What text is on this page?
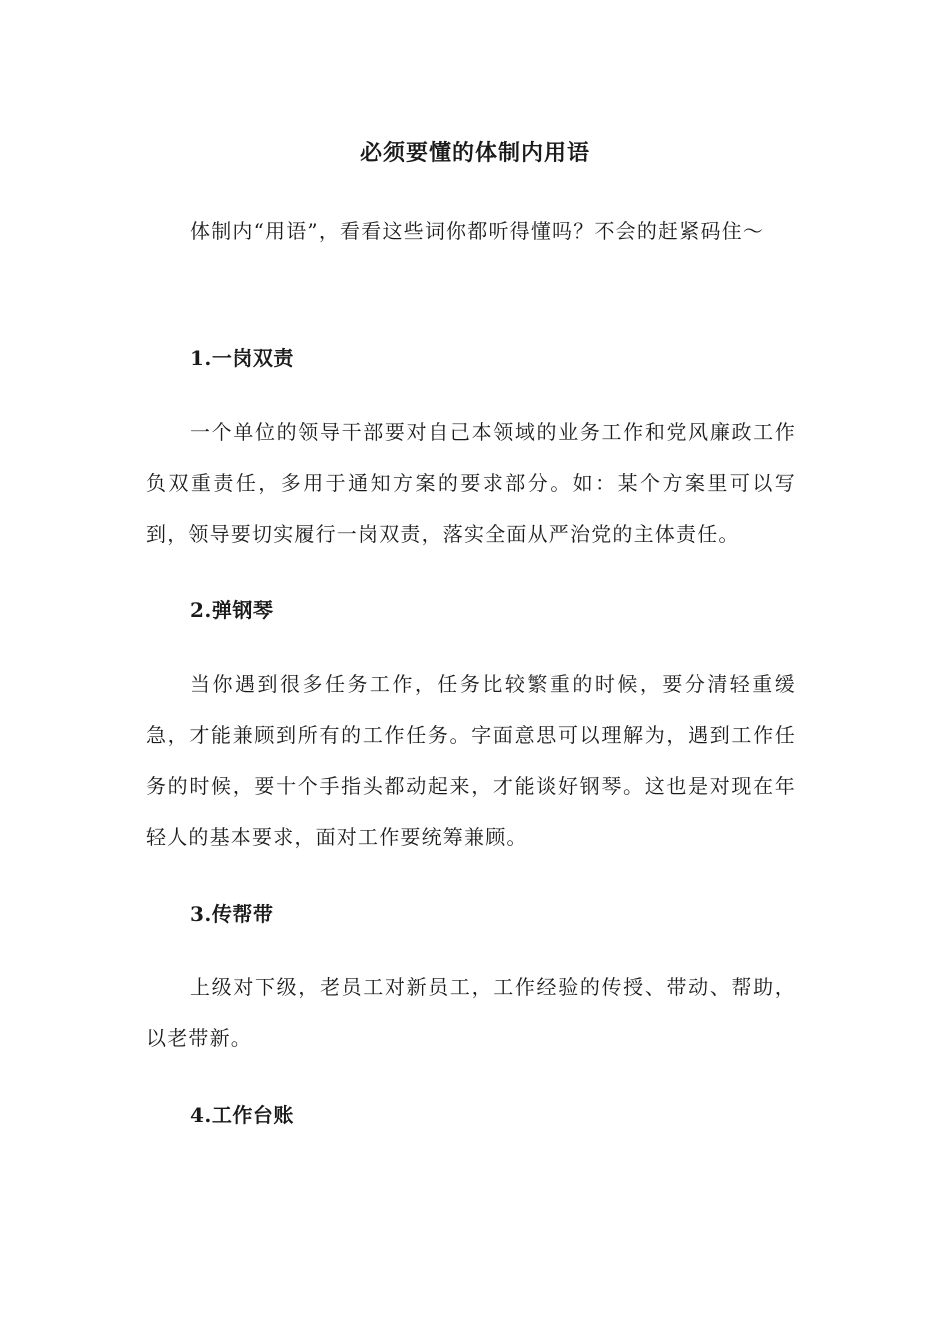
必须要懂的体制内用语

体制内“用语”，看看这些词你都听得懂吗？不会的赶紧码住～

1.一岗双责

一个单位的领导干部要对自己本领域的业务工作和党风廉政工作负双重责任，多用于通知方案的要求部分。如：某个方案里可以写到，领导要切实履行一岗双责，落实全面从严治党的主体责任。

2.弹钢琴

当你遇到很多任务工作，任务比较繁重的时候，要分清轻重缓急，才能兼顾到所有的工作任务。字面意思可以理解为，遇到工作任务的时候，要十个手指头都动起来，才能谈好钢琴。这也是对现在年轻人的基本要求，面对工作要统筹兼顾。

3.传帮带

上级对下级，老员工对新员工，工作经验的传授、带动、帮助，以老带新。

4.工作台账
